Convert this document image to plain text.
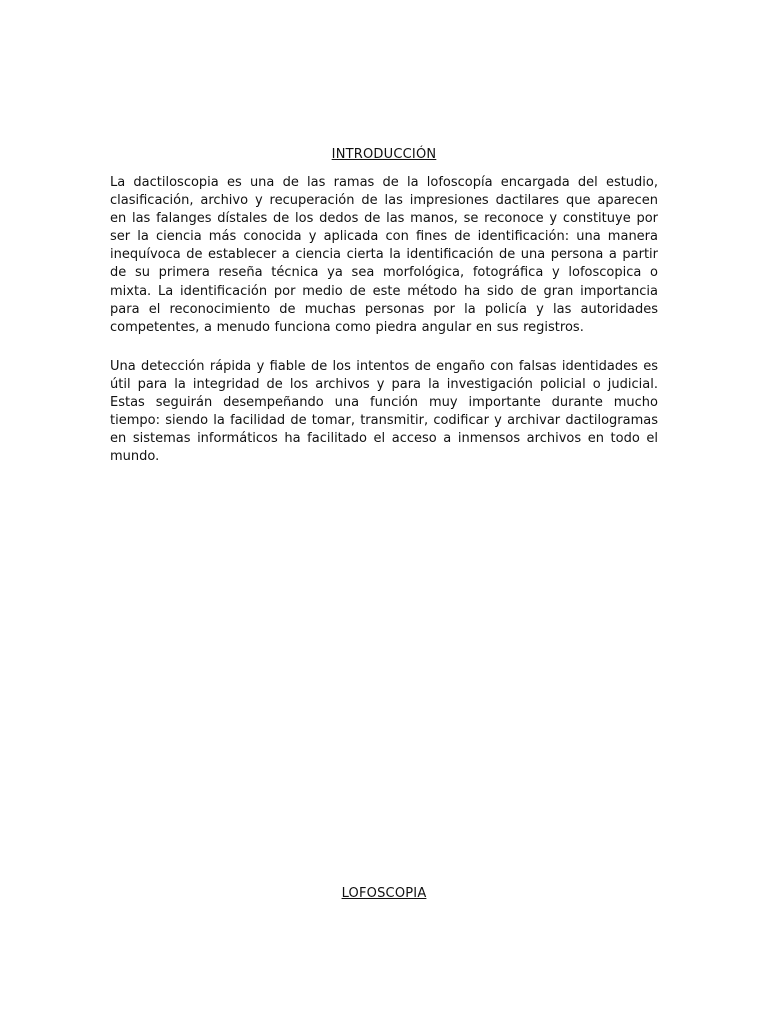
INTRODUCCIÓN

La dactiloscopia es una de las ramas de la lofoscopía encargada del estudio, clasificación, archivo y recuperación de las impresiones dactilares que aparecen en las falanges dístales de los dedos de las manos, se reconoce y constituye por ser la ciencia más conocida y aplicada con fines de identificación: una manera inequívoca de establecer a ciencia cierta la identificación de una persona a partir de su primera reseña técnica ya sea morfológica, fotográfica y lofoscopica o mixta. La identificación por medio de este método ha sido de gran importancia para el reconocimiento de muchas personas por la policía y las autoridades competentes, a menudo funciona como piedra angular en sus registros.

Una detección rápida y fiable de los intentos de engaño con falsas identidades es útil para la integridad de los archivos y para la investigación policial o judicial. Estas seguirán desempeñando una función muy importante durante mucho tiempo: siendo la facilidad de tomar, transmitir, codificar y archivar dactilogramas en sistemas informáticos ha facilitado el acceso a inmensos archivos en todo el mundo.

LOFOSCOPIA
